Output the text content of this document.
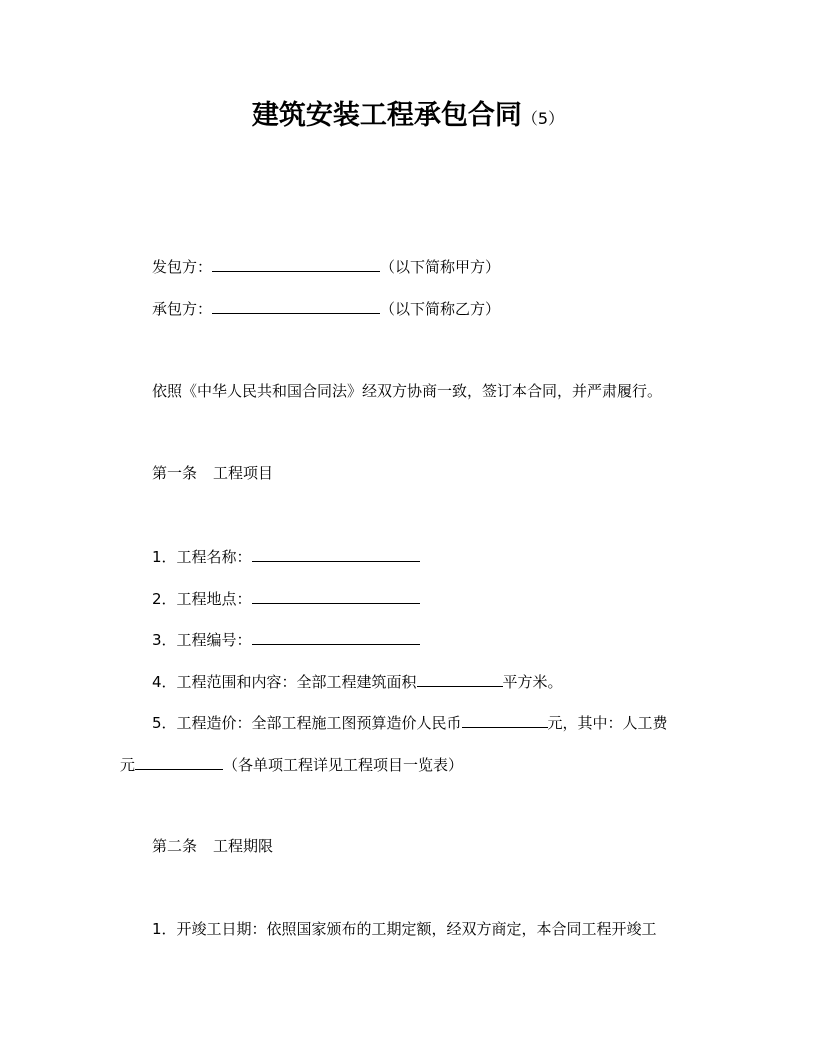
建筑安装工程承包合同（5）
发包方：	（以下简称甲方）
承包方：	（以下简称乙方）
依照《中华人民共和国合同法》经双方协商一致，签订本合同，并严肃履行。
第一条 工程项目
1．工程名称：
2．工程地点：
3．工程编号：
4．工程范围和内容：全部工程建筑面积	平方米。
5．工程造价：全部工程施工图预算造价人民币	元，其中：人工费
元	（各单项工程详见工程项目一览表）
第二条 工程期限
1．开竣工日期：依照国家颁布的工期定额，经双方商定，本合同工程开竣工
